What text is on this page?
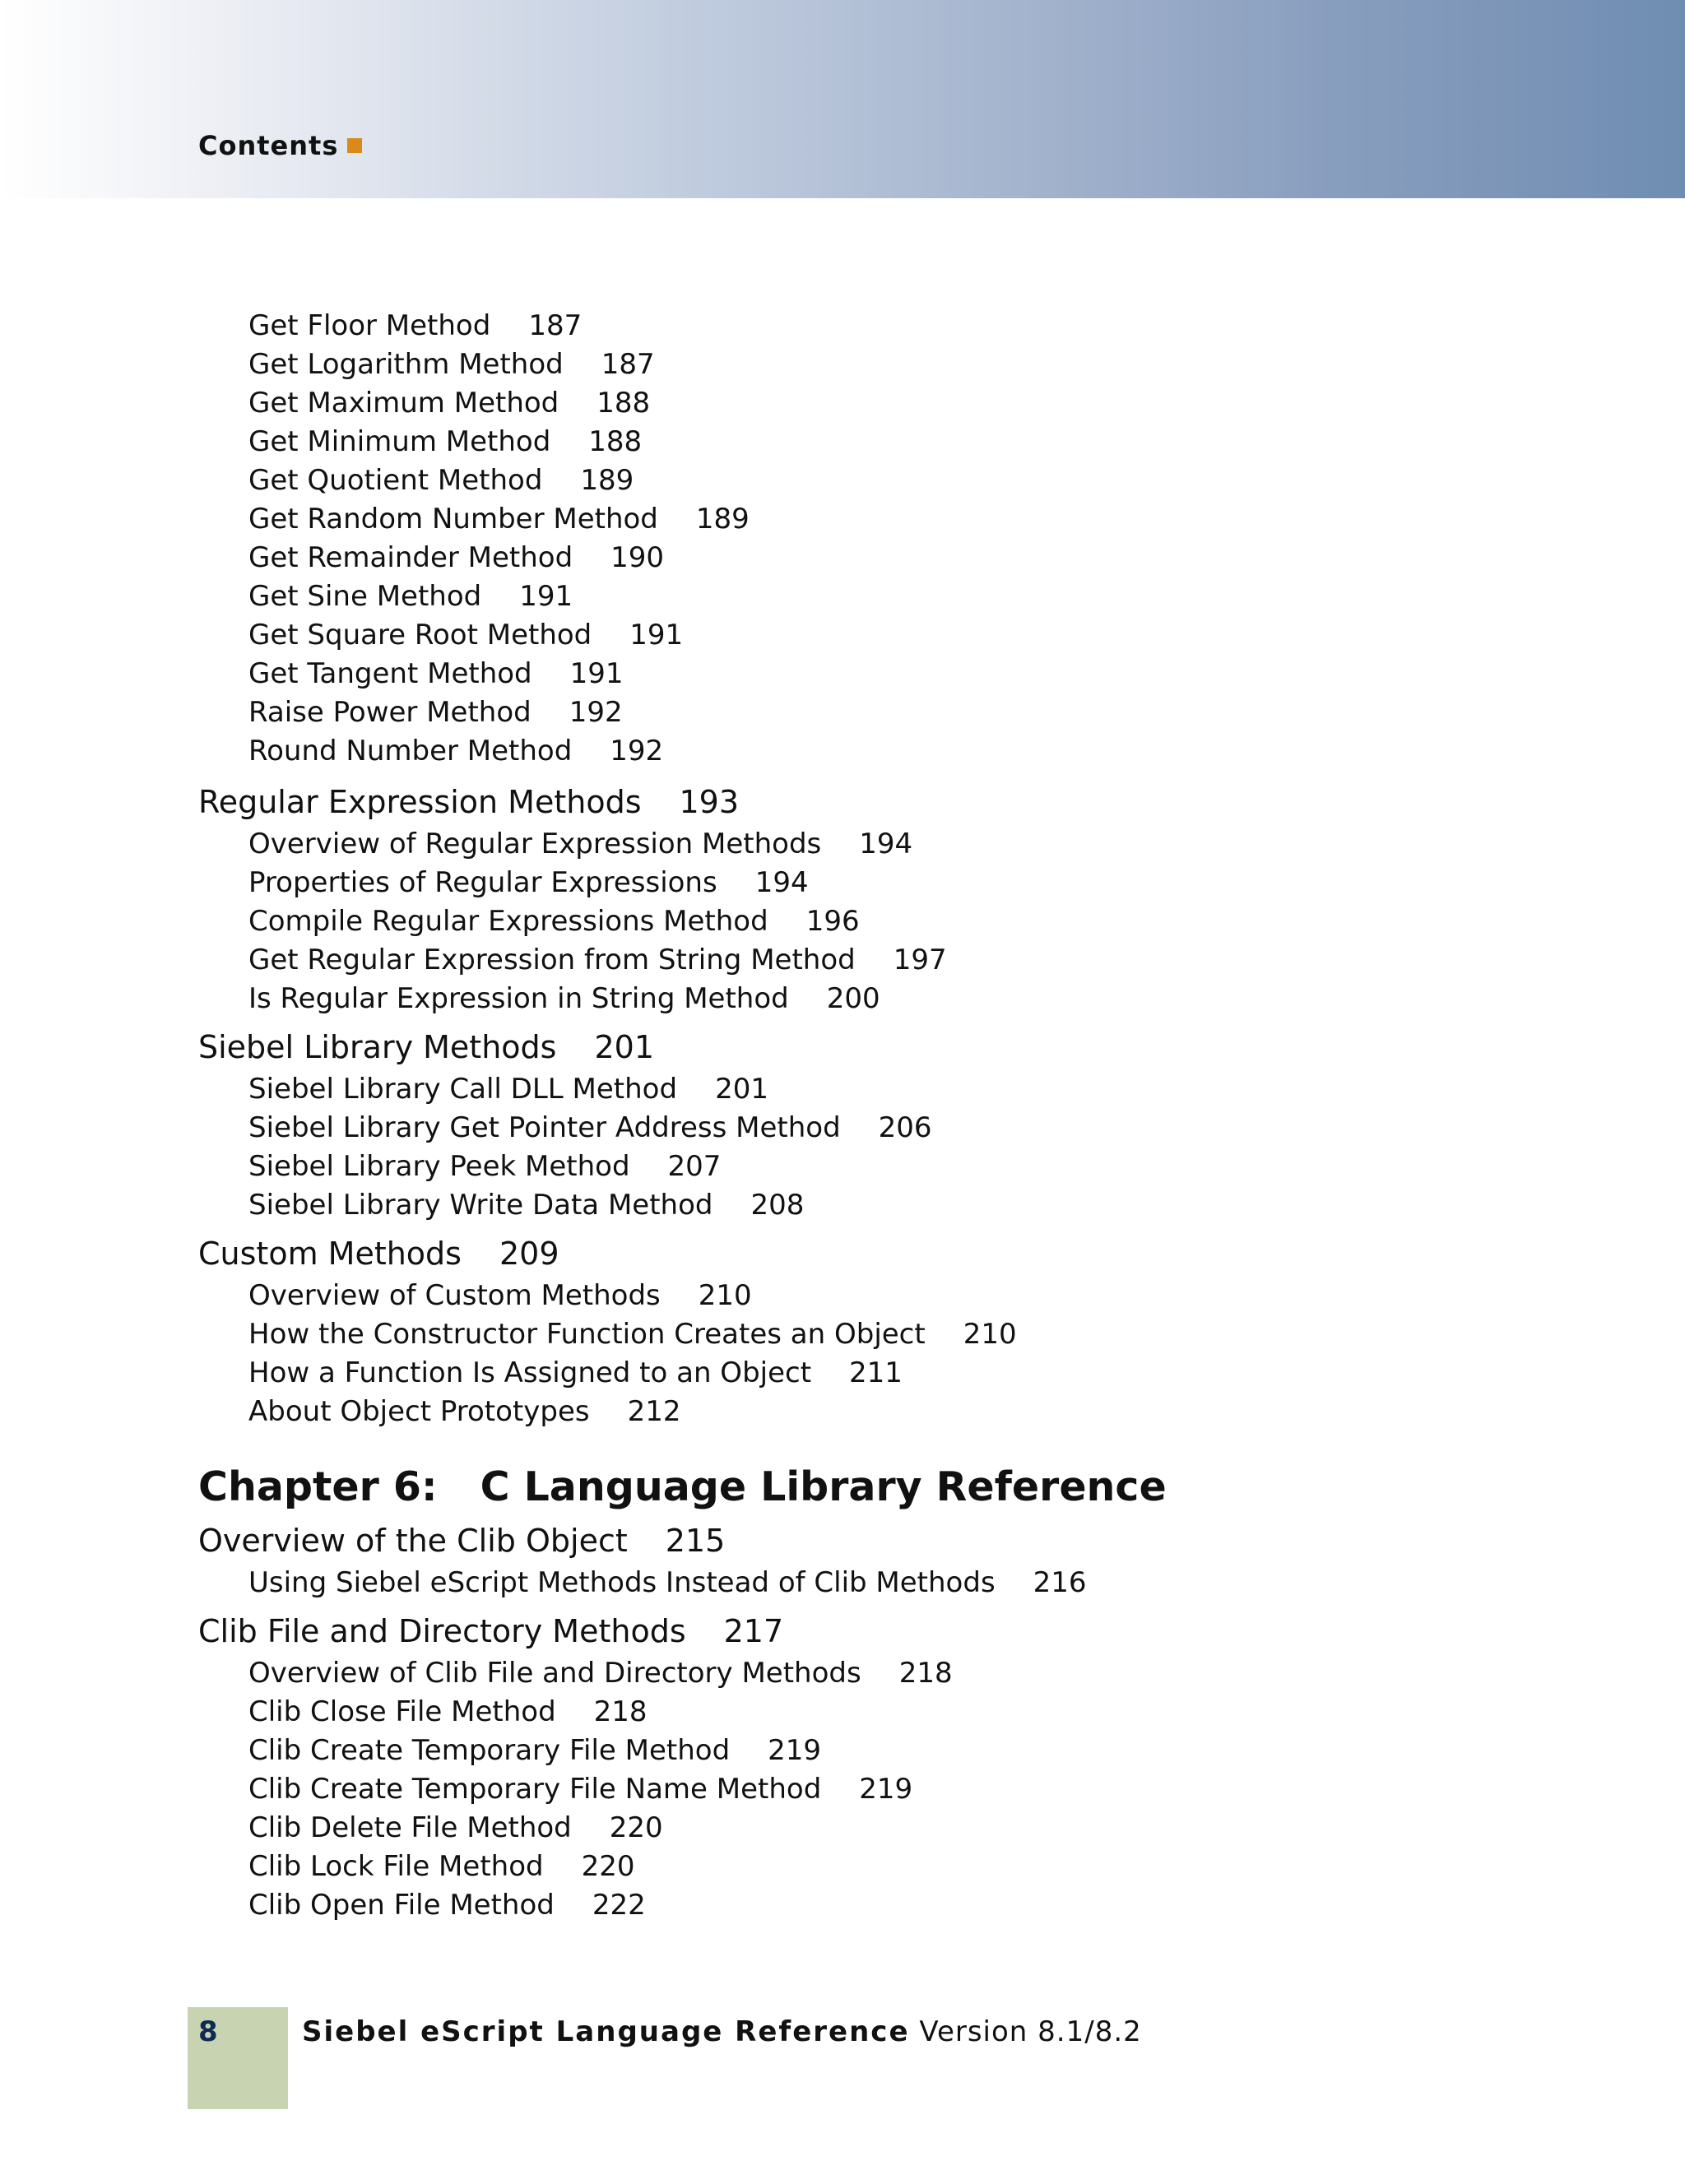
Contents
Get Floor Method 187
Get Logarithm Method 187
Get Maximum Method 188
Get Minimum Method 188
Get Quotient Method 189
Get Random Number Method 189
Get Remainder Method 190
Get Sine Method 191
Get Square Root Method 191
Get Tangent Method 191
Raise Power Method 192
Round Number Method 192
Regular Expression Methods 193
Overview of Regular Expression Methods 194
Properties of Regular Expressions 194
Compile Regular Expressions Method 196
Get Regular Expression from String Method 197
Is Regular Expression in String Method 200
Siebel Library Methods 201
Siebel Library Call DLL Method 201
Siebel Library Get Pointer Address Method 206
Siebel Library Peek Method 207
Siebel Library Write Data Method 208
Custom Methods 209
Overview of Custom Methods 210
How the Constructor Function Creates an Object 210
How a Function Is Assigned to an Object 211
About Object Prototypes 212
Chapter 6: C Language Library Reference
Overview of the Clib Object 215
Using Siebel eScript Methods Instead of Clib Methods 216
Clib File and Directory Methods 217
Overview of Clib File and Directory Methods 218
Clib Close File Method 218
Clib Create Temporary File Method 219
Clib Create Temporary File Name Method 219
Clib Delete File Method 220
Clib Lock File Method 220
Clib Open File Method 222
8	Siebel eScript Language Reference Version 8.1/8.2
